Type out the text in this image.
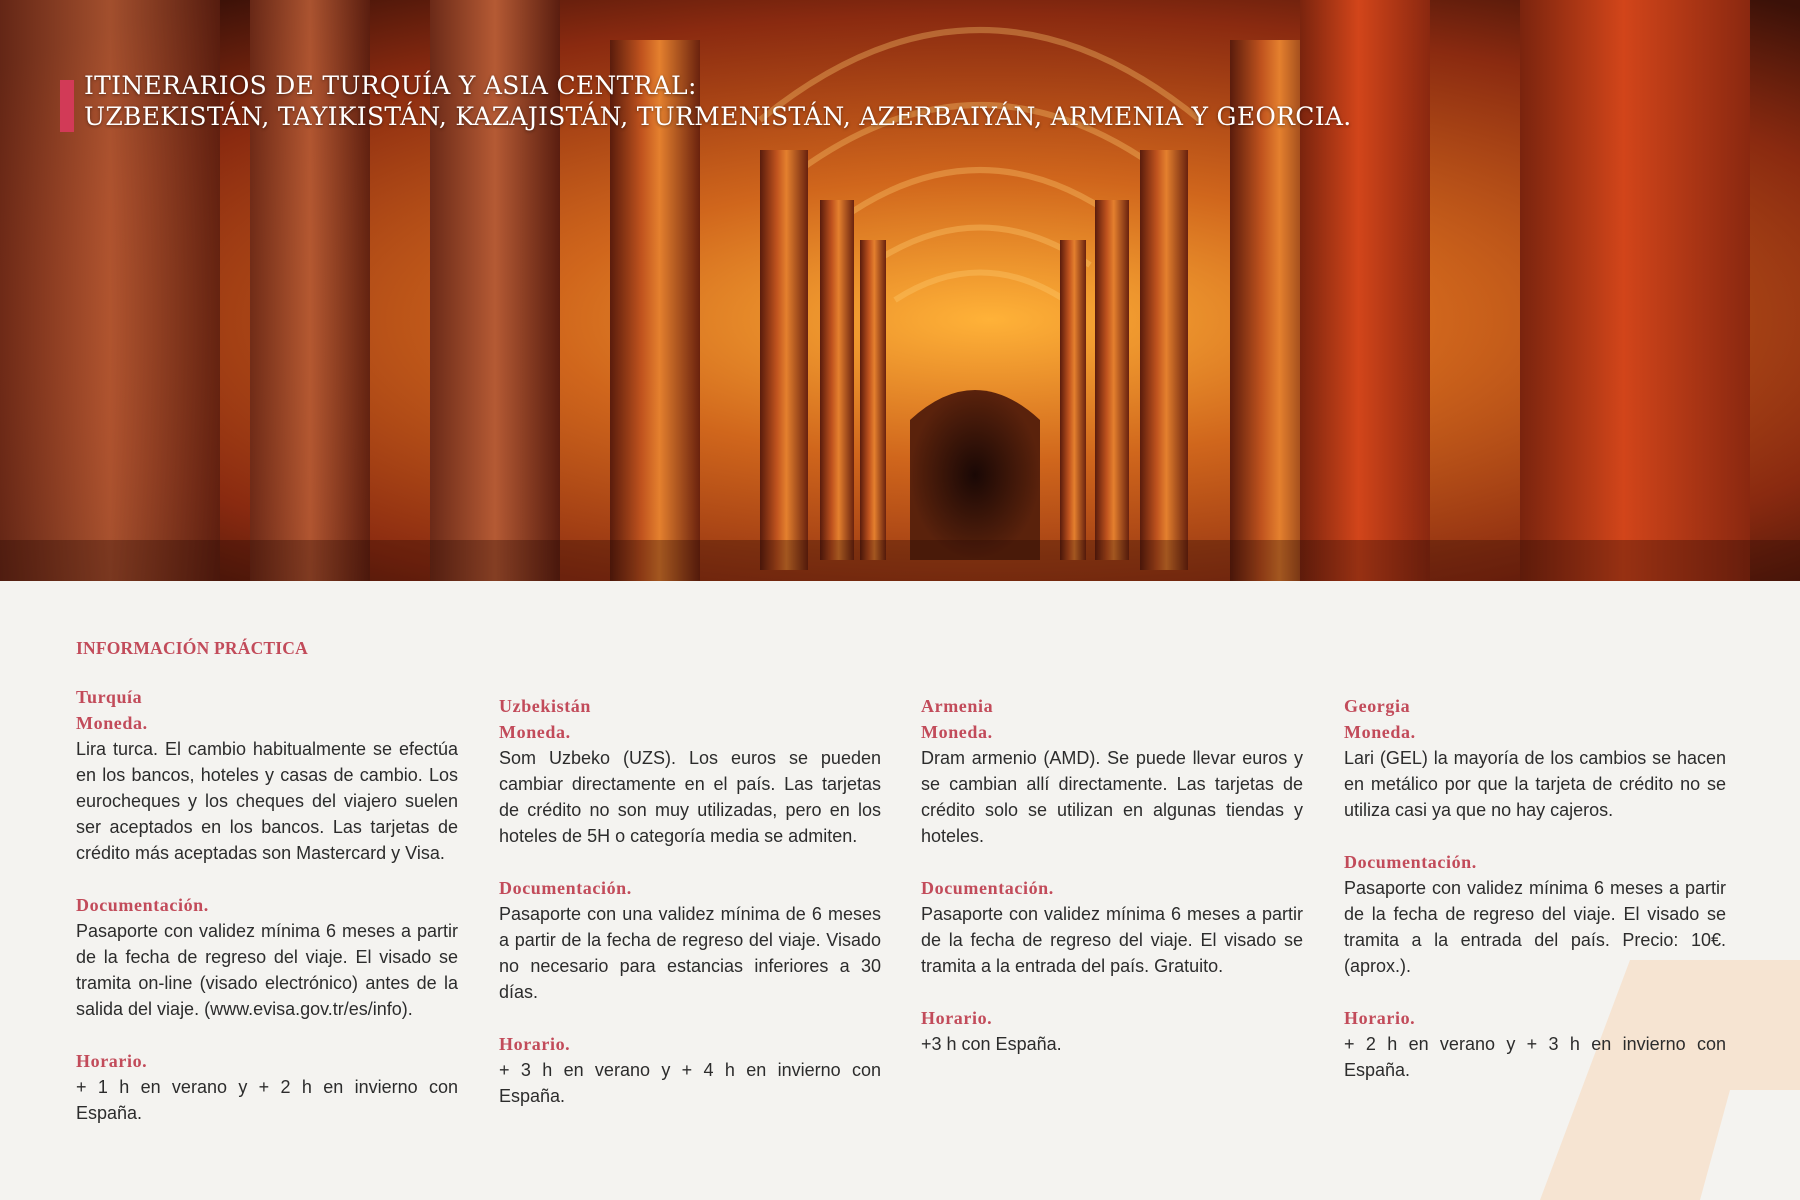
ITINERARIOS DE TURQUÍA Y ASIA CENTRAL:
UZBEKISTÁN, TAYIKISTÁN, KAZAJISTÁN, TURMENISTÁN, AZERBAIYÁN, ARMENIA Y GEORCIA.
INFORMACIÓN PRÁCTICA
Turquía
Moneda.
Lira turca. El cambio habitualmente se efectúa en los bancos, hoteles y casas de cambio. Los eurocheques y los cheques del viajero suelen ser aceptados en los bancos. Las tarjetas de crédito más aceptadas son Mastercard y Visa.
Documentación.
Pasaporte con validez mínima 6 meses a partir de la fecha de regreso del viaje. El visado se tramita on-line (visado electrónico) antes de la salida del viaje. (www.evisa.gov.tr/es/info).
Horario.
+ 1 h en verano y + 2 h en invierno con España.
Uzbekistán
Moneda.
Som Uzbeko (UZS). Los euros se pueden cambiar directamente en el país. Las tarjetas de crédito no son muy utilizadas, pero en los hoteles de 5H o categoría media se admiten.
Documentación.
Pasaporte con una validez mínima de 6 meses a partir de la fecha de regreso del viaje. Visado no necesario para estancias inferiores a 30 días.
Horario.
+ 3 h en verano y + 4 h en invierno con España.
Armenia
Moneda.
Dram armenio (AMD). Se puede llevar euros y se cambian allí directamente. Las tarjetas de crédito solo se utilizan en algunas tiendas y hoteles.
Documentación.
Pasaporte con validez mínima 6 meses a partir de la fecha de regreso del viaje. El visado se tramita a la entrada del país. Gratuito.
Horario.
+3 h con España.
Georgia
Moneda.
Lari (GEL) la mayoría de los cambios se hacen en metálico por que la tarjeta de crédito no se utiliza casi ya que no hay cajeros.
Documentación.
Pasaporte con validez mínima 6 meses a partir de la fecha de regreso del viaje. El visado se tramita a la entrada del país. Precio: 10€. (aprox.).
Horario.
+ 2 h en verano y + 3 h en invierno con España.
